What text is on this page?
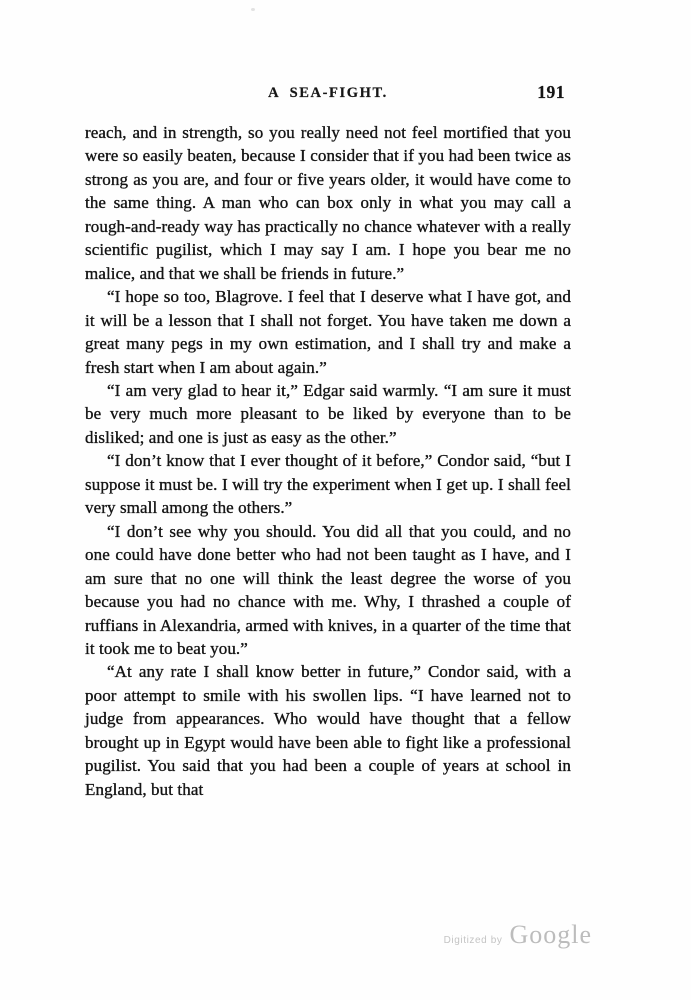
A SEA-FIGHT.	191

reach, and in strength, so you really need not feel mortified that you were so easily beaten, because I consider that if you had been twice as strong as you are, and four or five years older, it would have come to the same thing. A man who can box only in what you may call a rough-and-ready way has practically no chance whatever with a really scientific pugilist, which I may say I am. I hope you bear me no malice, and that we shall be friends in future.”

“I hope so too, Blagrove. I feel that I deserve what I have got, and it will be a lesson that I shall not forget. You have taken me down a great many pegs in my own estimation, and I shall try and make a fresh start when I am about again.”

“I am very glad to hear it,” Edgar said warmly. “I am sure it must be very much more pleasant to be liked by everyone than to be disliked; and one is just as easy as the other.”

“I don’t know that I ever thought of it before,” Condor said, “but I suppose it must be. I will try the experiment when I get up. I shall feel very small among the others.”

“I don’t see why you should. You did all that you could, and no one could have done better who had not been taught as I have, and I am sure that no one will think the least degree the worse of you because you had no chance with me. Why, I thrashed a couple of ruffians in Alexandria, armed with knives, in a quarter of the time that it took me to beat you.”

“At any rate I shall know better in future,” Condor said, with a poor attempt to smile with his swollen lips. “I have learned not to judge from appearances. Who would have thought that a fellow brought up in Egypt would have been able to fight like a professional pugilist. You said that you had been a couple of years at school in England, but that

Digitized by Google
